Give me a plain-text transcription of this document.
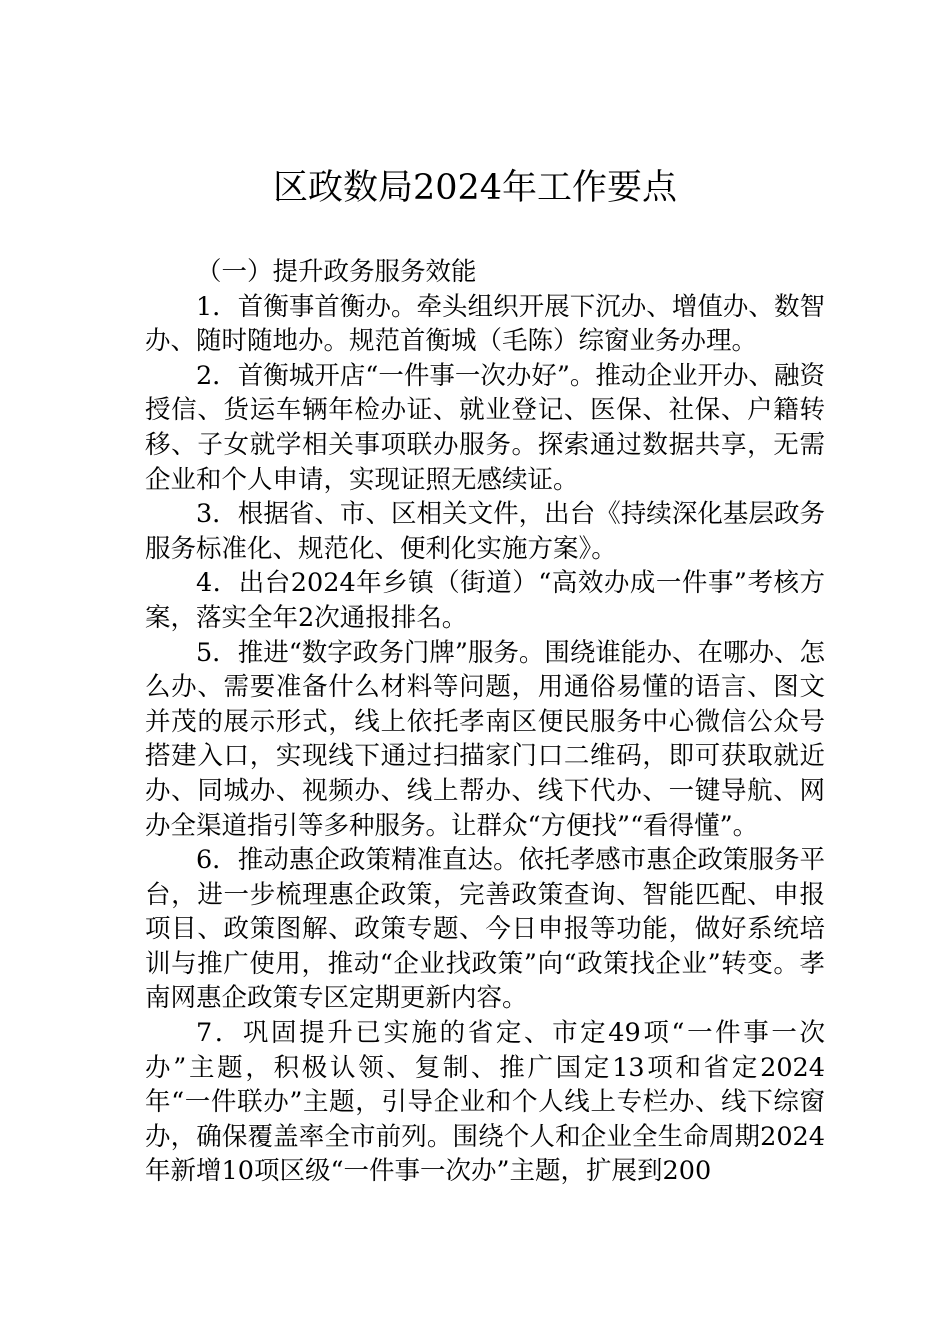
区政数局2024年工作要点

（一）提升政务服务效能

1．首衡事首衡办。牵头组织开展下沉办、增值办、数智办、随时随地办。规范首衡城（毛陈）综窗业务办理。

2．首衡城开店“一件事一次办好”。推动企业开办、融资授信、货运车辆年检办证、就业登记、医保、社保、户籍转移、子女就学相关事项联办服务。探索通过数据共享，无需企业和个人申请，实现证照无感续证。

3．根据省、市、区相关文件，出台《持续深化基层政务服务标准化、规范化、便利化实施方案》。

4．出台2024年乡镇（街道）“高效办成一件事”考核方案，落实全年2次通报排名。

5．推进“数字政务门牌”服务。围绕谁能办、在哪办、怎么办、需要准备什么材料等问题，用通俗易懂的语言、图文并茂的展示形式，线上依托孝南区便民服务中心微信公众号搭建入口，实现线下通过扫描家门口二维码，即可获取就近办、同城办、视频办、线上帮办、线下代办、一键导航、网办全渠道指引等多种服务。让群众“方便找”“看得懂”。

6．推动惠企政策精准直达。依托孝感市惠企政策服务平台，进一步梳理惠企政策，完善政策查询、智能匹配、申报项目、政策图解、政策专题、今日申报等功能，做好系统培训与推广使用，推动“企业找政策”向“政策找企业”转变。孝南网惠企政策专区定期更新内容。

7．巩固提升已实施的省定、市定49项“一件事一次办”主题，积极认领、复制、推广国定13项和省定2024年“一件联办”主题，引导企业和个人线上专栏办、线下综窗办，确保覆盖率全市前列。围绕个人和企业全生命周期2024年新增10项区级“一件事一次办”主题，扩展到200
